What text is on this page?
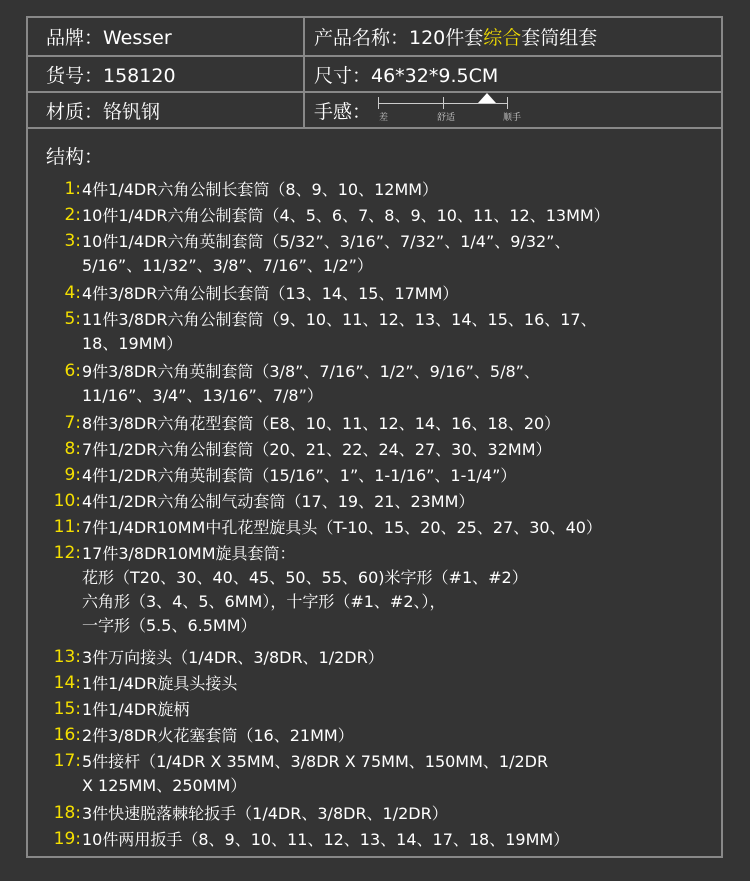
品牌：Wesser	产品名称：120件套 综合 套筒组套
货号：158120	尺寸：46*32*9.5CM
材质：铬钒钢	手感： 差	舒适	顺手
结构：
1: 4件1/4DR六角公制长套筒（8、9、10、12MM）
2: 10件1/4DR六角公制套筒（4、5、6、7、8、9、10、11、12、13MM）
3: 10件1/4DR六角英制套筒（5/32”、3/16”、7/32”、1/4”、9/32”、
5/16”、11/32”、3/8”、7/16”、1/2”）
4: 4件3/8DR六角公制长套筒（13、14、15、17MM）
5: 11件3/8DR六角公制套筒（9、10、11、12、13、14、15、16、17、
18、19MM）
6: 9件3/8DR六角英制套筒（3/8”、7/16”、1/2”、9/16”、5/8”、
11/16”、3/4”、13/16”、7/8”）
7: 8件3/8DR六角花型套筒（E8、10、11、12、14、16、18、20）
8: 7件1/2DR六角公制套筒（20、21、22、24、27、30、32MM）
9: 4件1/2DR六角英制套筒（15/16”、1”、1-1/16”、1-1/4”）
10: 4件1/2DR六角公制气动套筒（17、19、21、23MM）
11: 7件1/4DR10MM中孔花型旋具头（T-10、15、20、25、27、30、40）
12: 17件3/8DR10MM旋具套筒：
花形（T20、30、40、45、50、55、60)米字形（#1、#2）
六角形（3、4、5、6MM），十字形（#1、#2、），
一字形（5.5、6.5MM）
13: 3件万向接头（1/4DR、3/8DR、1/2DR）
14: 1件1/4DR旋具头接头
15: 1件1/4DR旋柄
16: 2件3/8DR火花塞套筒（16、21MM）
17: 5件接杆（1/4DR X 35MM、3/8DR X 75MM、150MM、1/2DR
X 125MM、250MM）
18: 3件快速脱落棘轮扳手（1/4DR、3/8DR、1/2DR）
19: 10件两用扳手（8、9、10、11、12、13、14、17、18、19MM）
